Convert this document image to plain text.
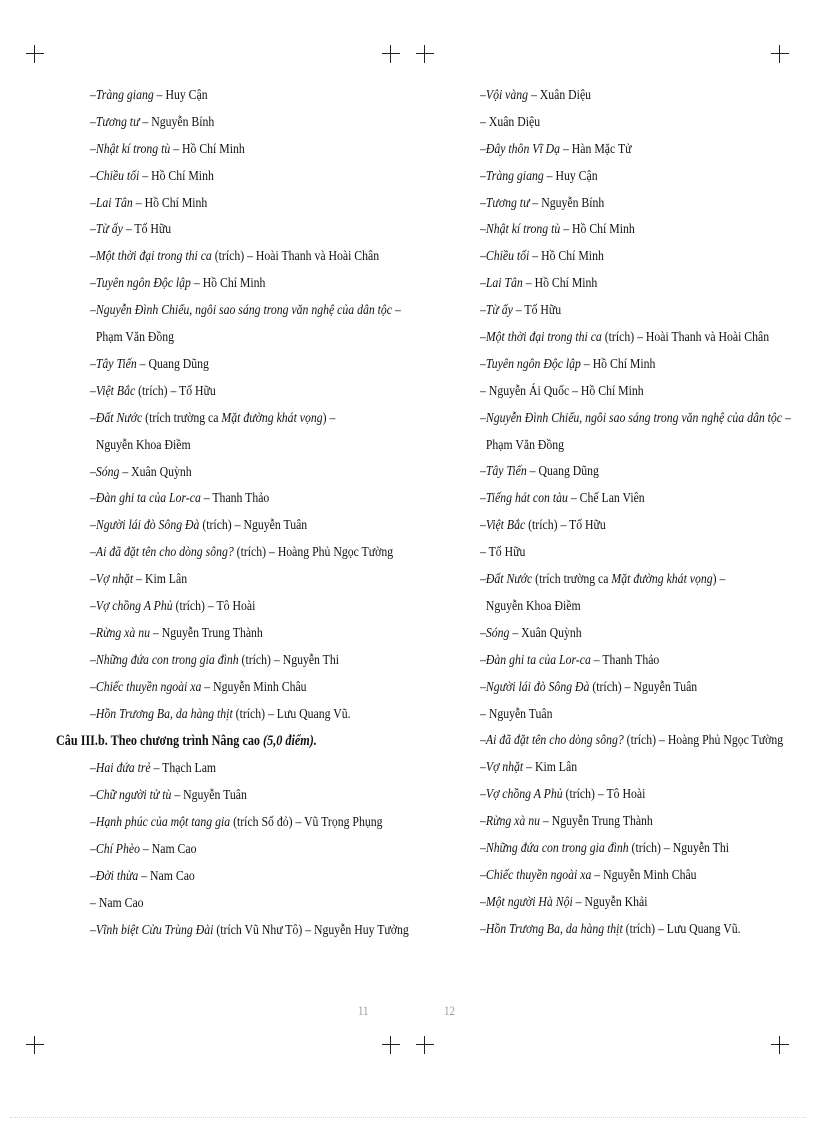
–Tràng giang – Huy Cận
–Tương tư – Nguyễn Bính
–Nhật kí trong tù – Hồ Chí Minh
–Chiều tối – Hồ Chí Minh
–Lai Tân – Hồ Chí Minh
–Từ ấy – Tố Hữu
–Một thời đại trong thi ca (trích) – Hoài Thanh và Hoài Chân
–Tuyên ngôn Độc lập – Hồ Chí Minh
–Nguyễn Đình Chiểu, ngôi sao sáng trong văn nghệ của dân tộc –
Phạm Văn Đồng
–Tây Tiến – Quang Dũng
–Việt Bắc (trích) – Tố Hữu
–Đất Nước (trích trường ca Mặt đường khát vọng) –
Nguyễn Khoa Điềm
–Sóng – Xuân Quỳnh
–Đàn ghi ta của Lor-ca – Thanh Thảo
–Người lái đò Sông Đà (trích) – Nguyễn Tuân
–Ai đã đặt tên cho dòng sông? (trích) – Hoàng Phủ Ngọc Tường
–Vợ nhặt – Kim Lân
–Vợ chồng A Phủ (trích) – Tô Hoài
–Rừng xà nu – Nguyễn Trung Thành
–Những đứa con trong gia đình (trích) – Nguyễn Thi
–Chiếc thuyền ngoài xa – Nguyễn Minh Châu
–Hồn Trương Ba, da hàng thịt (trích) – Lưu Quang Vũ.
Câu III.b. Theo chương trình Nâng cao (5,0 điểm).
–Hai đứa trẻ – Thạch Lam
–Chữ người tử tù – Nguyễn Tuân
–Hạnh phúc của một tang gia (trích Số đỏ) – Vũ Trọng Phụng
–Chí Phèo – Nam Cao
–Đời thừa – Nam Cao
– Nam Cao
–Vĩnh biệt Cửu Trùng Đài (trích Vũ Như Tô) – Nguyễn Huy Tưởng
–Vội vàng – Xuân Diệu
– Xuân Diệu
–Đây thôn Vĩ Dạ – Hàn Mặc Tử
–Tràng giang – Huy Cận
–Tương tư – Nguyễn Bính
–Nhật kí trong tù – Hồ Chí Minh
–Chiều tối – Hồ Chí Minh
–Lai Tân – Hồ Chí Minh
–Từ ấy – Tố Hữu
–Một thời đại trong thi ca (trích) – Hoài Thanh và Hoài Chân
–Tuyên ngôn Độc lập – Hồ Chí Minh
– Nguyễn Ái Quốc – Hồ Chí Minh
–Nguyễn Đình Chiểu, ngôi sao sáng trong văn nghệ của dân tộc –
Phạm Văn Đồng
–Tây Tiến – Quang Dũng
–Tiếng hát con tàu – Chế Lan Viên
–Việt Bắc (trích) – Tố Hữu
– Tố Hữu
–Đất Nước (trích trường ca Mặt đường khát vọng) –
Nguyễn Khoa Điềm
–Sóng – Xuân Quỳnh
–Đàn ghi ta của Lor-ca – Thanh Thảo
–Người lái đò Sông Đà (trích) – Nguyễn Tuân
– Nguyễn Tuân
–Ai đã đặt tên cho dòng sông? (trích) – Hoàng Phủ Ngọc Tường
–Vợ nhặt – Kim Lân
–Vợ chồng A Phủ (trích) – Tô Hoài
–Rừng xà nu – Nguyễn Trung Thành
–Những đứa con trong gia đình (trích) – Nguyễn Thi
–Chiếc thuyền ngoài xa – Nguyễn Minh Châu
–Một người Hà Nội – Nguyễn Khải
–Hồn Trương Ba, da hàng thịt (trích) – Lưu Quang Vũ.
11	12
